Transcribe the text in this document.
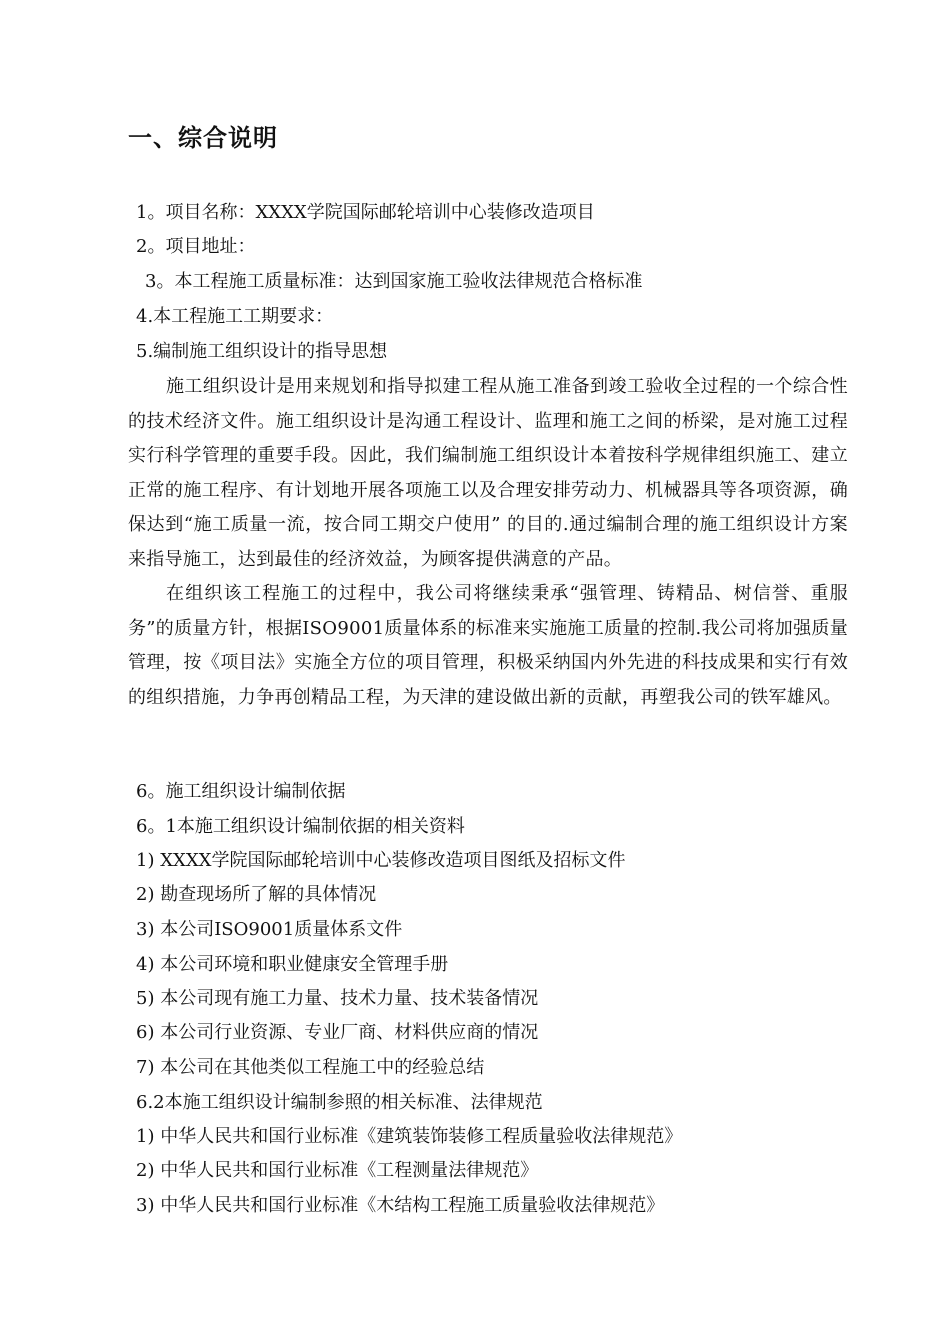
一、综合说明
1。项目名称：XXXX学院国际邮轮培训中心装修改造项目
2。项目地址：
3。本工程施工质量标准：达到国家施工验收法律规范合格标准
4.本工程施工工期要求：
5.编制施工组织设计的指导思想
施工组织设计是用来规划和指导拟建工程从施工准备到竣工验收全过程的一个综合性的技术经济文件。施工组织设计是沟通工程设计、监理和施工之间的桥梁，是对施工过程实行科学管理的重要手段。因此，我们编制施工组织设计本着按科学规律组织施工、建立正常的施工程序、有计划地开展各项施工以及合理安排劳动力、机械器具等各项资源，确保达到“施工质量一流，按合同工期交户使用” 的目的.通过编制合理的施工组织设计方案来指导施工，达到最佳的经济效益，为顾客提供满意的产品。
在组织该工程施工的过程中，我公司将继续秉承“强管理、铸精品、树信誉、重服务”的质量方针，根据ISO9001质量体系的标准来实施施工质量的控制.我公司将加强质量管理，按《项目法》实施全方位的项目管理，积极采纳国内外先进的科技成果和实行有效的组织措施，力争再创精品工程，为天津的建设做出新的贡献，再塑我公司的铁军雄风。
6。施工组织设计编制依据
6。1本施工组织设计编制依据的相关资料
1) XXXX学院国际邮轮培训中心装修改造项目图纸及招标文件
2) 勘查现场所了解的具体情况
3) 本公司ISO9001质量体系文件
4) 本公司环境和职业健康安全管理手册
5) 本公司现有施工力量、技术力量、技术装备情况
6) 本公司行业资源、专业厂商、材料供应商的情况
7) 本公司在其他类似工程施工中的经验总结
6.2本施工组织设计编制参照的相关标准、法律规范
1) 中华人民共和国行业标准《建筑装饰装修工程质量验收法律规范》
2) 中华人民共和国行业标准《工程测量法律规范》
3) 中华人民共和国行业标准《木结构工程施工质量验收法律规范》
